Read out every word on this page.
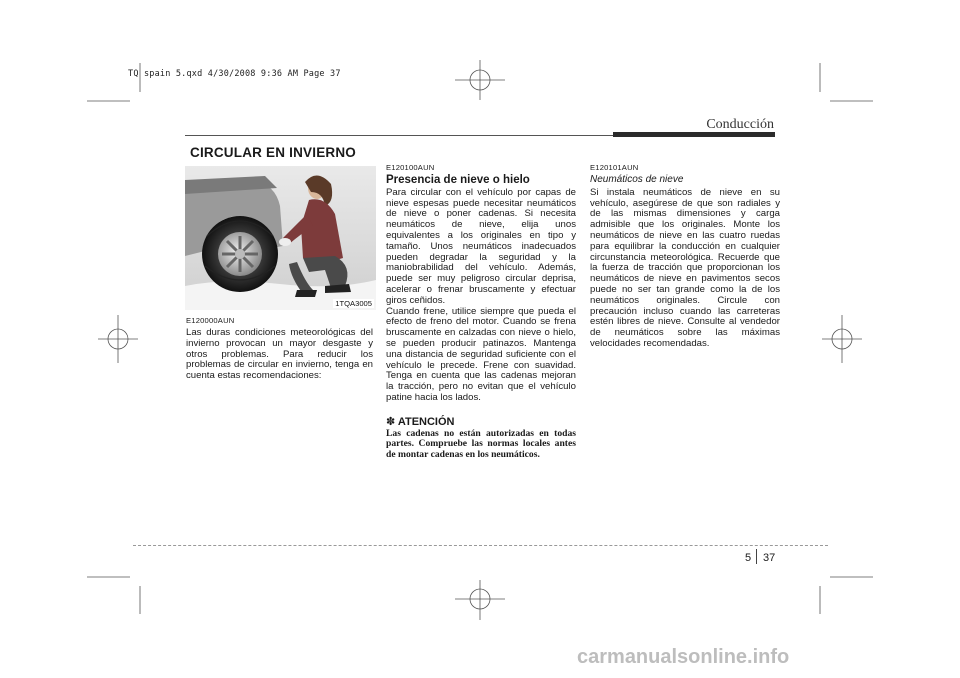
TQ spain 5.qxd 4/30/2008 9:36 AM Page 37
Conducción
CIRCULAR EN INVIERNO
1TQA3005
E120000AUN

Las duras condiciones meteorológicas del invierno provocan un mayor desgaste y otros problemas. Para reducir los problemas de circular en invierno, tenga en cuenta estas recomendaciones:

E120100AUN
Presencia de nieve o hielo

Para circular con el vehículo por capas de nieve espesas puede necesitar neumáticos de nieve o poner cadenas. Si necesita neumáticos de nieve, elija unos equivalentes a los originales en tipo y tamaño. Unos neumáticos inadecuados pueden degradar la seguridad y la maniobrabilidad del vehículo. Además, puede ser muy peligroso circular deprisa, acelerar o frenar bruscamente y efectuar giros ceñidos.

Cuando frene, utilice siempre que pueda el efecto de freno del motor. Cuando se frena bruscamente en calzadas con nieve o hielo, se pueden producir patinazos. Mantenga una distancia de seguridad suficiente con el vehículo le precede. Frene con suavidad. Tenga en cuenta que las cadenas mejoran la tracción, pero no evitan que el vehículo patine hacia los lados.

✽ ATENCIÓN

Las cadenas no están autorizadas en todas partes. Compruebe las normas locales antes de montar cadenas en los neumáticos.

E120101AUN
Neumáticos de nieve

Si instala neumáticos de nieve en su vehículo, asegúrese de que son radiales y de las mismas dimensiones y carga admisible que los originales. Monte los neumáticos de nieve en las cuatro ruedas para equilibrar la conducción en cualquier circunstancia meteorológica. Recuerde que la fuerza de tracción que proporcionan los neumáticos de nieve en pavimentos secos puede no ser tan grande como la de los neumáticos originales. Circule con precaución incluso cuando las carreteras estén libres de nieve. Consulte al vendedor de neumáticos sobre las máximas velocidades recomendadas.

5 37
carmanualsonline.info
